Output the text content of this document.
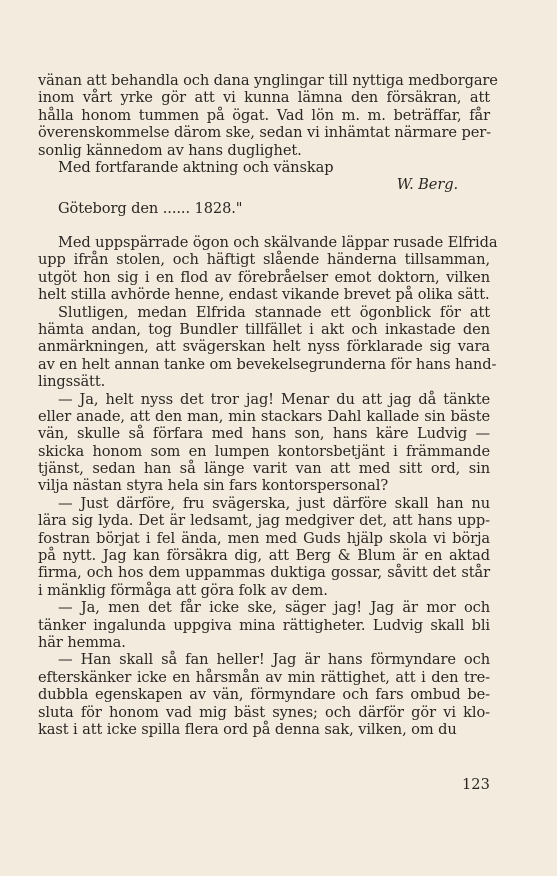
vänan att behandla och dana ynglingar till nyttiga medborgare
inom vårt yrke gör att vi kunna lämna den försäkran, att
hålla honom tummen på ögat. Vad lön m. m. beträffar, får
överenskommelse därom ske, sedan vi inhämtat närmare per-
sonlig kännedom av hans duglighet.
Med fortfarande aktning och vänskap
W. Berg.
Göteborg den ...... 1828."
Med uppspärrade ögon och skälvande läppar rusade Elfrida
upp ifrån stolen, och häftigt slående händerna tillsamman,
utgöt hon sig i en flod av förebråelser emot doktorn, vilken
helt stilla avhörde henne, endast vikande brevet på olika sätt.
Slutligen, medan Elfrida stannade ett ögonblick för att
hämta andan, tog Bundler tillfället i akt och inkastade den
anmärkningen, att svägerskan helt nyss förklarade sig vara
av en helt annan tanke om bevekelsegrunderna för hans hand-
lingssätt.
— Ja, helt nyss det tror jag! Menar du att jag då tänkte
eller anade, att den man, min stackars Dahl kallade sin bäste
vän, skulle så förfara med hans son, hans käre Ludvig —
skicka honom som en lumpen kontorsbetjänt i främmande
tjänst, sedan han så länge varit van att med sitt ord, sin
vilja nästan styra hela sin fars kontorspersonal?
— Just därföre, fru svägerska, just därföre skall han nu
lära sig lyda. Det är ledsamt, jag medgiver det, att hans upp-
fostran börjat i fel ända, men med Guds hjälp skola vi börja
på nytt. Jag kan försäkra dig, att Berg & Blum är en aktad
firma, och hos dem uppammas duktiga gossar, såvitt det står
i mänklig förmåga att göra folk av dem.
— Ja, men det får icke ske, säger jag! Jag är mor och
tänker ingalunda uppgiva mina rättigheter. Ludvig skall bli
här hemma.
— Han skall så fan heller! Jag är hans förmyndare och
efterskänker icke en hårsmån av min rättighet, att i den tre-
dubbla egenskapen av vän, förmyndare och fars ombud be-
sluta för honom vad mig bäst synes; och därför gör vi klo-
kast i att icke spilla flera ord på denna sak, vilken, om du
123
